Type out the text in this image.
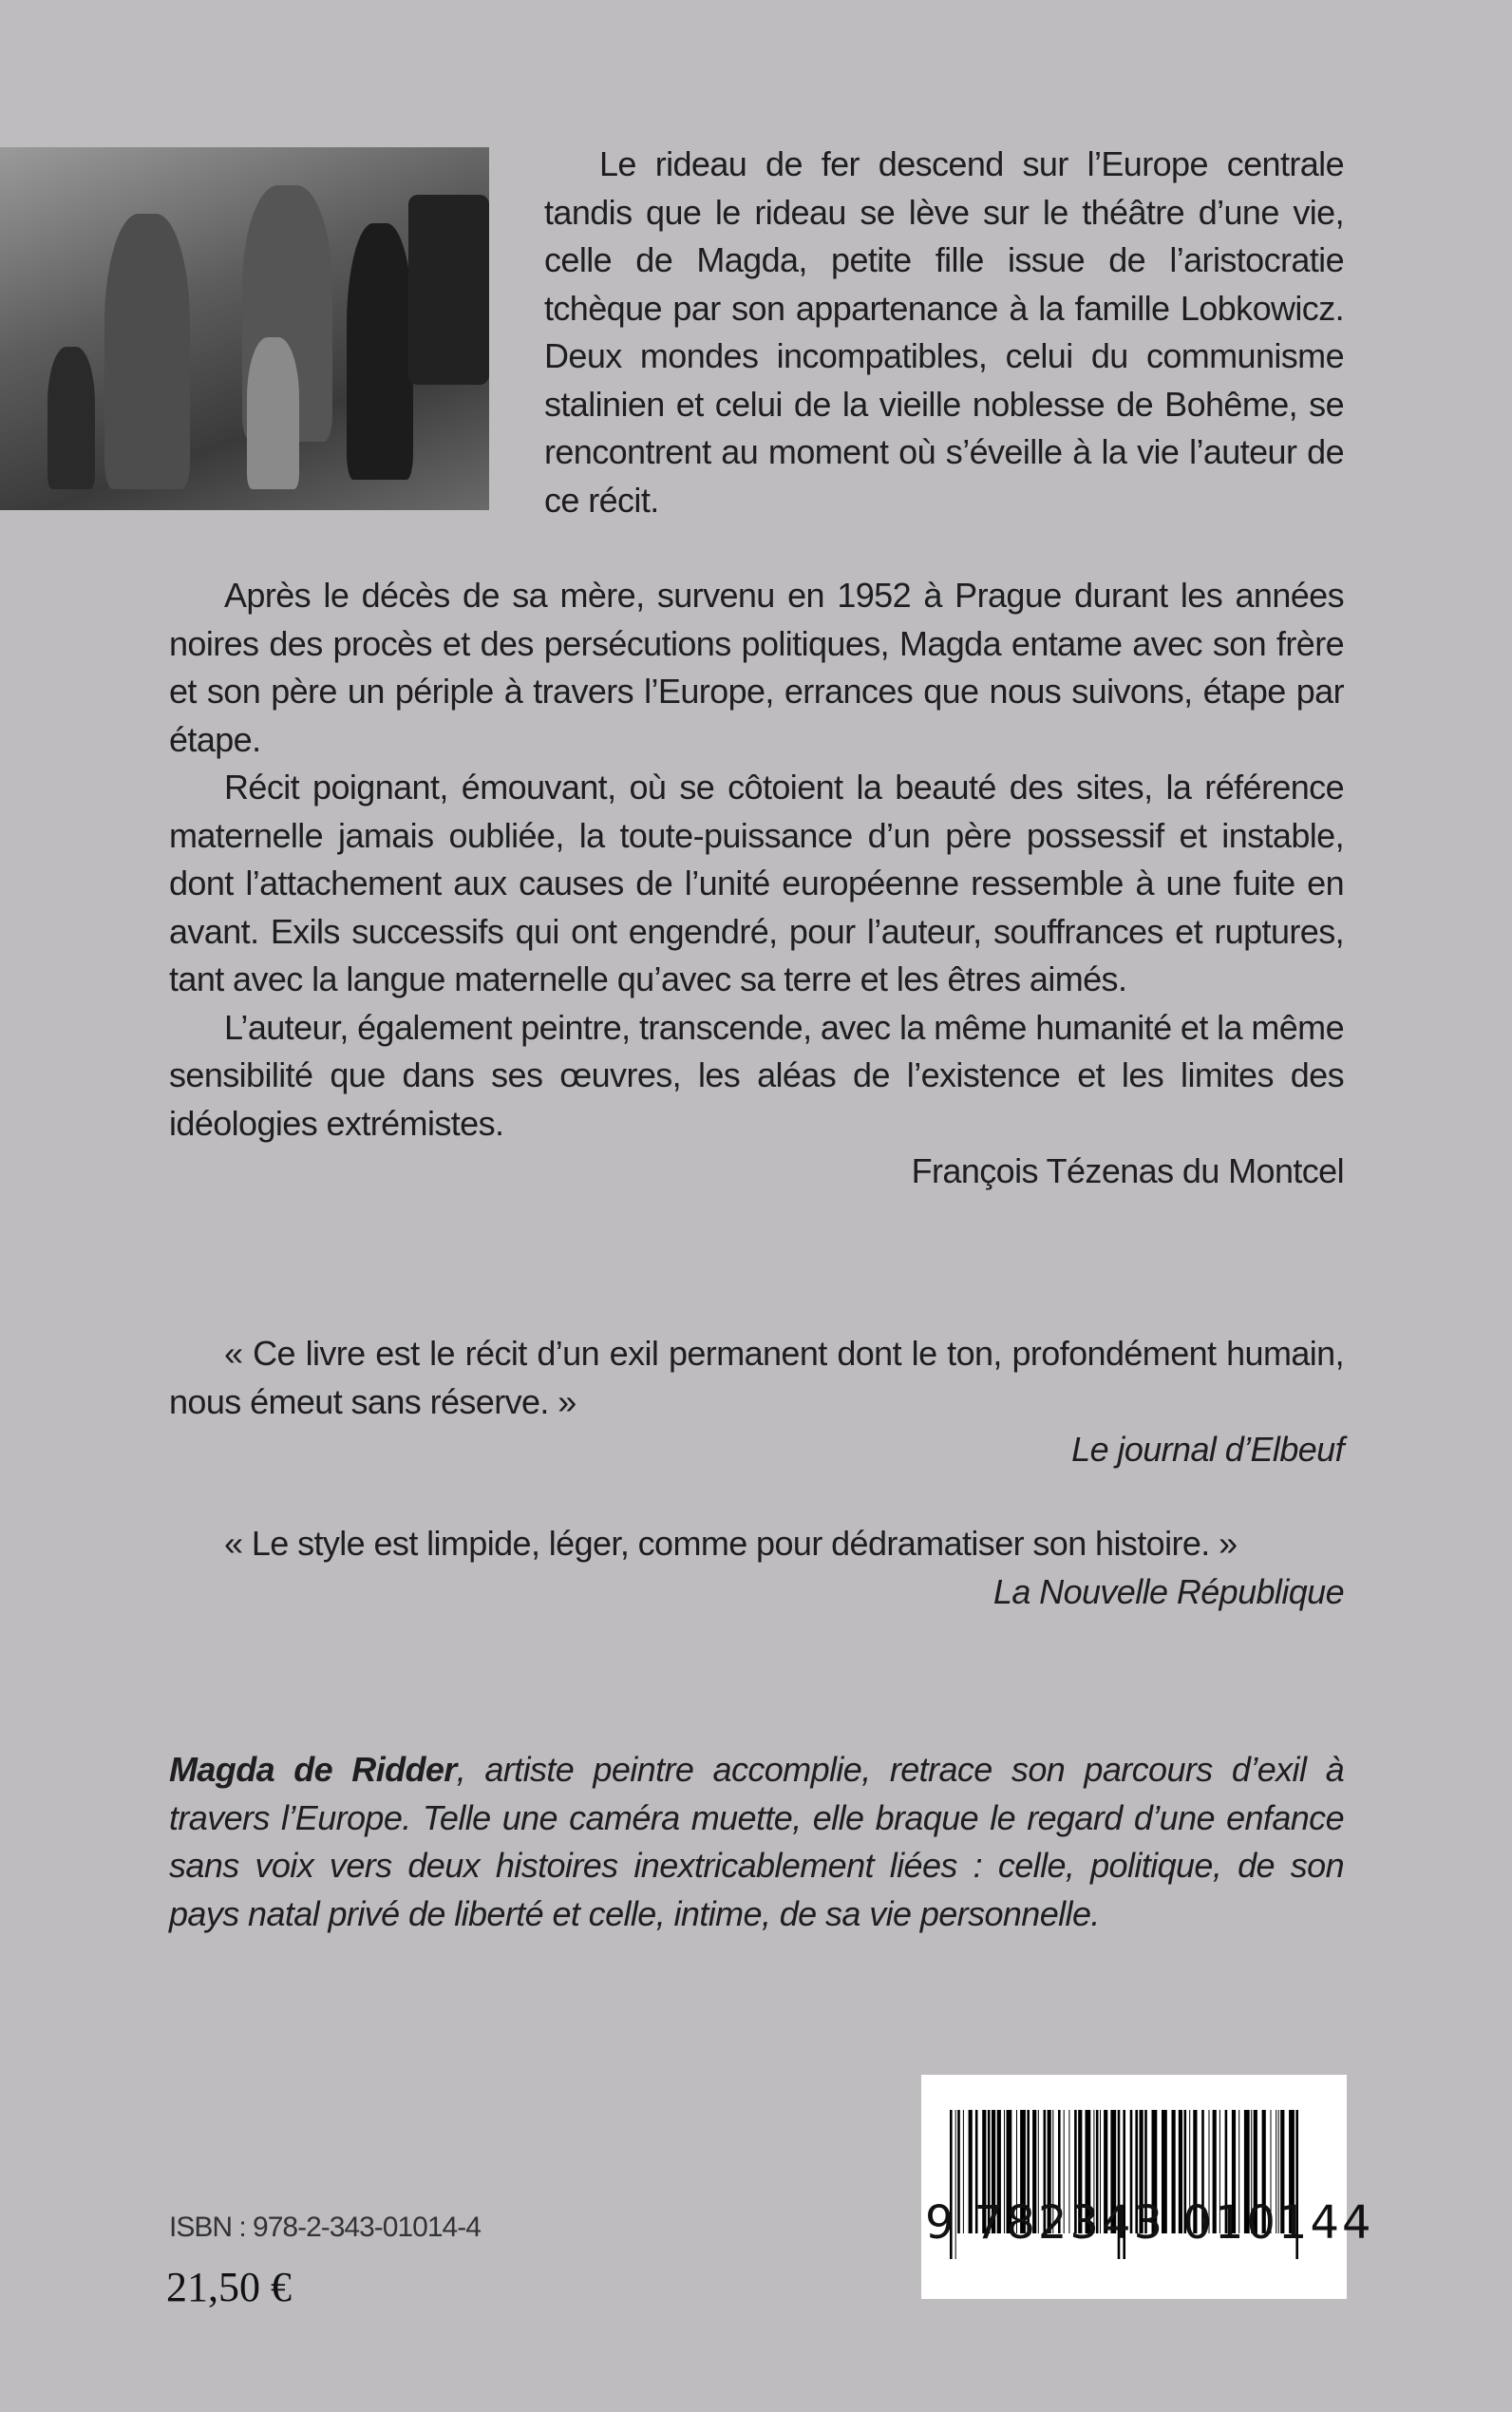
Le rideau de fer descend sur l’Europe centrale tandis que le rideau se lève sur le théâtre d’une vie, celle de Magda, petite fille issue de l’aristocratie tchèque par son appartenance à la famille Lobkowicz. Deux mondes incompatibles, celui du communisme stalinien et celui de la vieille noblesse de Bohême, se rencontrent au moment où s’éveille à la vie l’auteur de ce récit.

Après le décès de sa mère, survenu en 1952 à Prague durant les années noires des procès et des persécutions politiques, Magda entame avec son frère et son père un périple à travers l’Europe, errances que nous suivons, étape par étape.

Récit poignant, émouvant, où se côtoient la beauté des sites, la référence maternelle jamais oubliée, la toute-puissance d’un père possessif et instable, dont l’attachement aux causes de l’unité européenne ressemble à une fuite en avant. Exils successifs qui ont engendré, pour l’auteur, souffrances et ruptures, tant avec la langue maternelle qu’avec sa terre et les êtres aimés.

L’auteur, également peintre, transcende, avec la même humanité et la même sensibilité que dans ses œuvres, les aléas de l’existence et les limites des idéologies extrémistes.

François Tézenas du Montcel

« Ce livre est le récit d’un exil permanent dont le ton, profondément humain, nous émeut sans réserve. »

Le journal d’Elbeuf

« Le style est limpide, léger, comme pour dédramatiser son histoire. »

La Nouvelle République
Magda de Ridder, artiste peintre accomplie, retrace son parcours d’exil à travers l’Europe. Telle une caméra muette, elle braque le regard d’une enfance sans voix vers deux histoires inextricablement liées : celle, politique, de son pays natal privé de liberté et celle, intime, de sa vie personnelle.
ISBN : 978-2-343-01014-4
21,50 €
9 782343 010144
